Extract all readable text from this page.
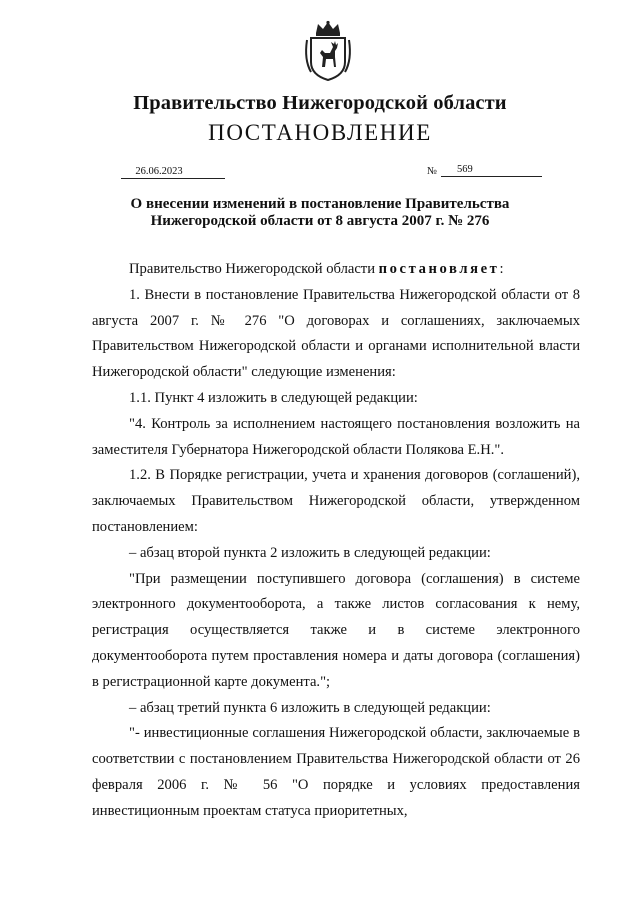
Правительство Нижегородской области
ПОСТАНОВЛЕНИЕ
26.06.2023	№	569
О внесении изменений в постановление Правительства
Нижегородской области от 8 августа 2007 г. № 276

Правительство Нижегородской области постановляет:

1. Внести в постановление Правительства Нижегородской области от 8 августа 2007 г. № 276 "О договорах и соглашениях, заключаемых Правительством Нижегородской области и органами исполнительной власти Нижегородской области" следующие изменения:

1.1. Пункт 4 изложить в следующей редакции:

"4. Контроль за исполнением настоящего постановления возложить на заместителя Губернатора Нижегородской области Полякова Е.Н.".

1.2. В Порядке регистрации, учета и хранения договоров (соглашений), заключаемых Правительством Нижегородской области, утвержденном постановлением:

– абзац второй пункта 2 изложить в следующей редакции:

"При размещении поступившего договора (соглашения) в системе электронного документооборота, а также листов согласования к нему, регистрация осуществляется также и в системе электронного документооборота путем проставления номера и даты договора (соглашения) в регистрационной карте документа.";

– абзац третий пункта 6 изложить в следующей редакции:

"- инвестиционные соглашения Нижегородской области, заключаемые в соответствии с постановлением Правительства Нижегородской области от 26 февраля 2006 г. № 56 "О порядке и условиях предоставления инвестиционным проектам статуса приоритетных,
